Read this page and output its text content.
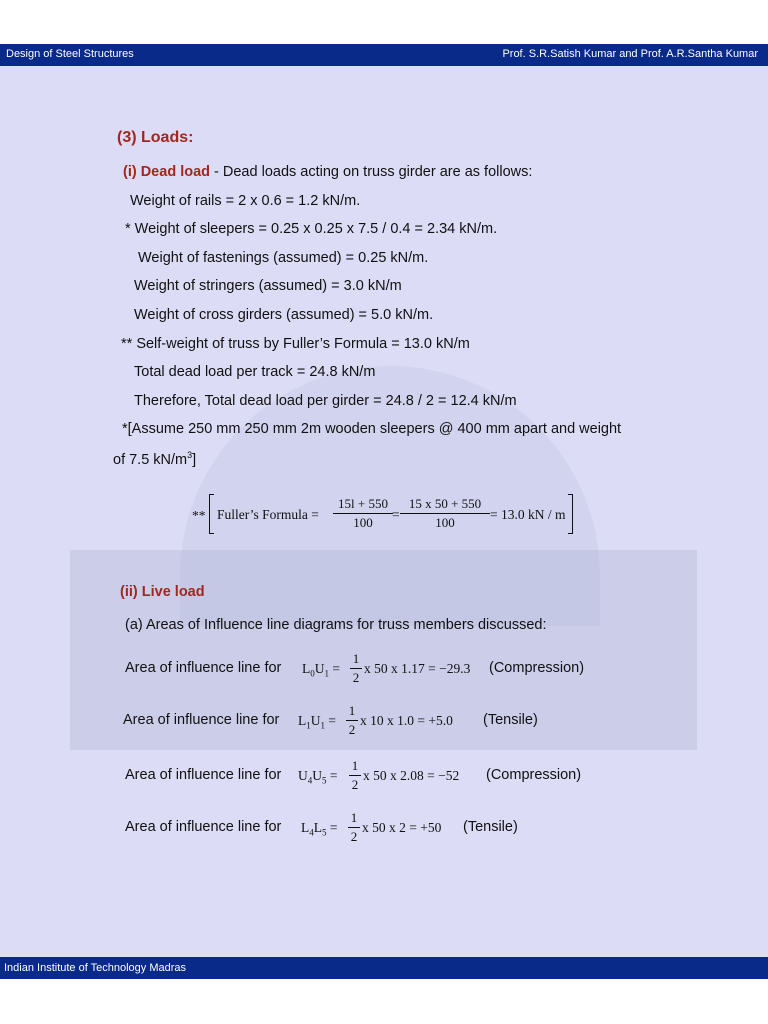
Design of Steel Structures	Prof. S.R.Satish Kumar and Prof. A.R.Santha Kumar
(3) Loads:
(i) Dead load - Dead loads acting on truss girder are as follows:
Weight of rails = 2 x 0.6 = 1.2 kN/m.
* Weight of sleepers = 0.25 x 0.25 x 7.5 / 0.4 = 2.34 kN/m.
Weight of fastenings (assumed) = 0.25 kN/m.
Weight of stringers (assumed) = 3.0 kN/m
Weight of cross girders (assumed) = 5.0 kN/m.
** Self-weight of truss by Fuller’s Formula = 13.0 kN/m
Total dead load per track = 24.8 kN/m
Therefore, Total dead load per girder = 24.8 / 2 = 12.4 kN/m
*[Assume 250 mm 250 mm 2m wooden sleepers @ 400 mm apart and weight
of 7.5 $kN/m^3$]
** Fuller’s Formula = $\frac{15l + 550}{100} = \frac{15 x 50 + 550}{100} = 13.0$ kN / m
(ii) Live load
(a) Areas of Influence line diagrams for truss members discussed:
Area of influence line for $L_0U_1 = \frac{1}{2}$ x 50 x 1.17 = −29.3 (Compression)
Area of influence line for $L_1U_1 = \frac{1}{2}$ x 10 x 1.0 = +5.0 (Tensile)
Area of influence line for $U_4U_5 = \frac{1}{2}$ x 50 x 2.08 = −52 (Compression)
Area of influence line for $L_4L_5 = \frac{1}{2}$ x 50 x 2 = +50 (Tensile)
Indian Institute of Technology Madras
